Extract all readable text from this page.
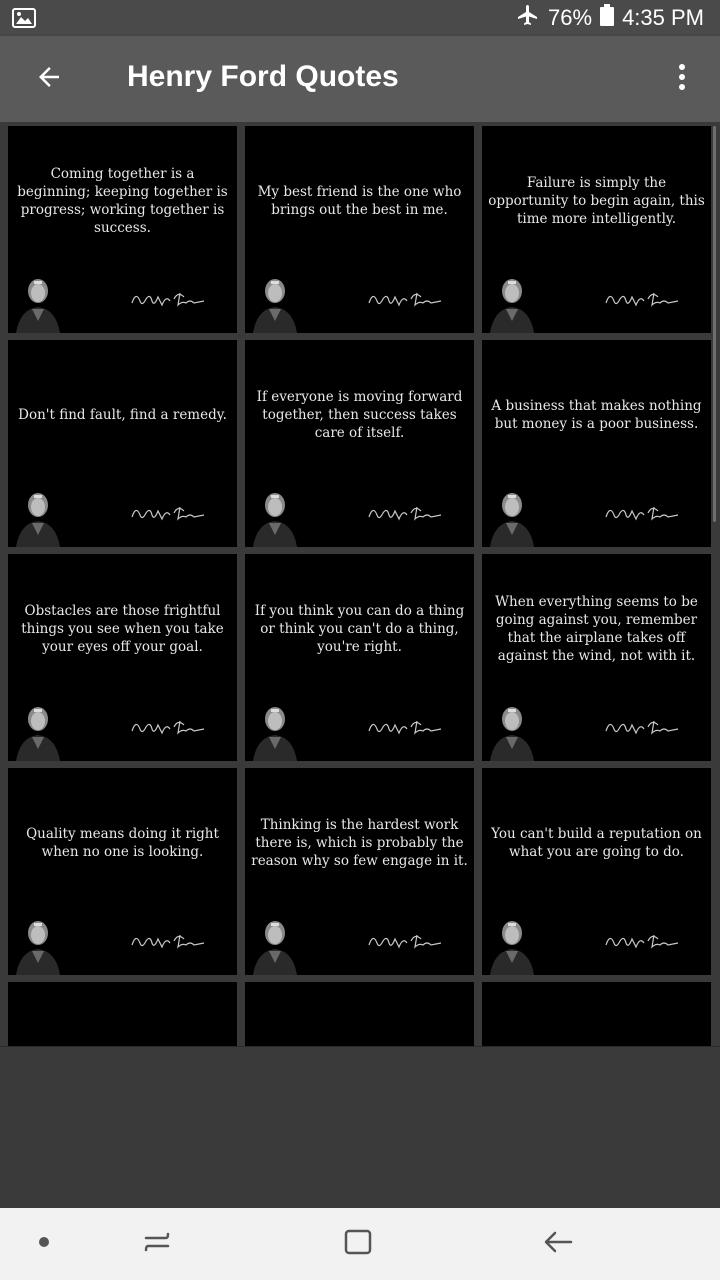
76% 4:35 PM
Henry Ford Quotes
Coming together is a beginning; keeping together is progress; working together is success.
My best friend is the one who brings out the best in me.
Failure is simply the opportunity to begin again, this time more intelligently.
Don't find fault, find a remedy.
If everyone is moving forward together, then success takes care of itself.
A business that makes nothing but money is a poor business.
Obstacles are those frightful things you see when you take your eyes off your goal.
If you think you can do a thing or think you can't do a thing, you're right.
When everything seems to be going against you, remember that the airplane takes off against the wind, not with it.
Quality means doing it right when no one is looking.
Thinking is the hardest work there is, which is probably the reason why so few engage in it.
You can't build a reputation on what you are going to do.
